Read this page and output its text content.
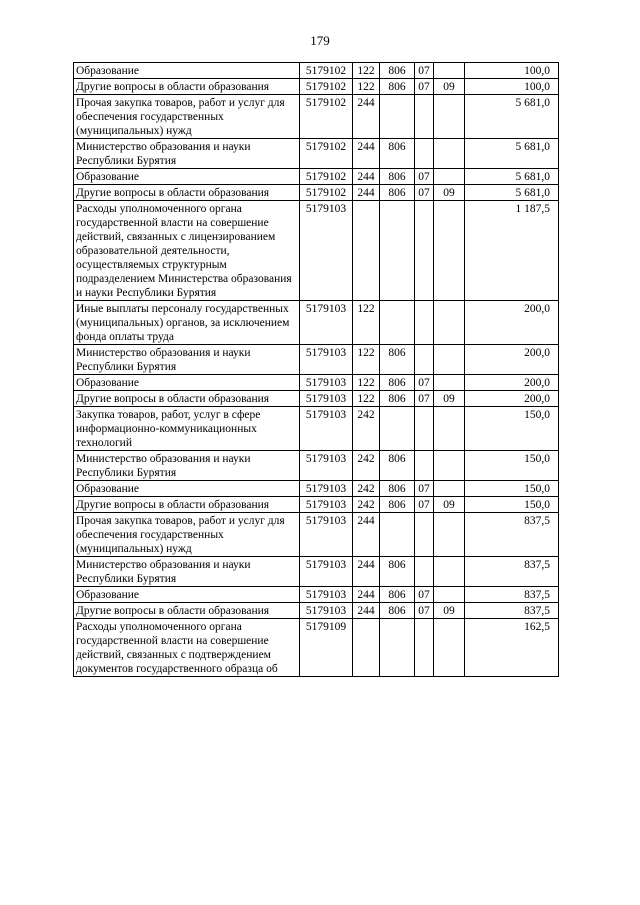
179
Образование	5179102	122	806	07		100,0
Другие вопросы в области образования	5179102	122	806	07	09	100,0
Прочая закупка товаров, работ и услуг для обеспечения государственных (муниципальных) нужд	5179102	244				5 681,0
Министерство образования и науки Республики Бурятия	5179102	244	806			5 681,0
Образование	5179102	244	806	07		5 681,0
Другие вопросы в области образования	5179102	244	806	07	09	5 681,0
Расходы уполномоченного органа государственной власти на совершение действий, связанных с лицензированием образовательной деятельности, осуществляемых структурным подразделением Министерства образования и науки Республики Бурятия	5179103					1 187,5
Иные выплаты персоналу государственных (муниципальных) органов, за исключением фонда оплаты труда	5179103	122				200,0
Министерство образования и науки Республики Бурятия	5179103	122	806			200,0
Образование	5179103	122	806	07		200,0
Другие вопросы в области образования	5179103	122	806	07	09	200,0
Закупка товаров, работ, услуг в сфере информационно-коммуникационных технологий	5179103	242				150,0
Министерство образования и науки Республики Бурятия	5179103	242	806			150,0
Образование	5179103	242	806	07		150,0
Другие вопросы в области образования	5179103	242	806	07	09	150,0
Прочая закупка товаров, работ и услуг для обеспечения государственных (муниципальных) нужд	5179103	244				837,5
Министерство образования и науки Республики Бурятия	5179103	244	806			837,5
Образование	5179103	244	806	07		837,5
Другие вопросы в области образования	5179103	244	806	07	09	837,5
Расходы уполномоченного органа государственной власти на совершение действий, связанных с подтверждением документов государственного образца об	5179109					162,5
